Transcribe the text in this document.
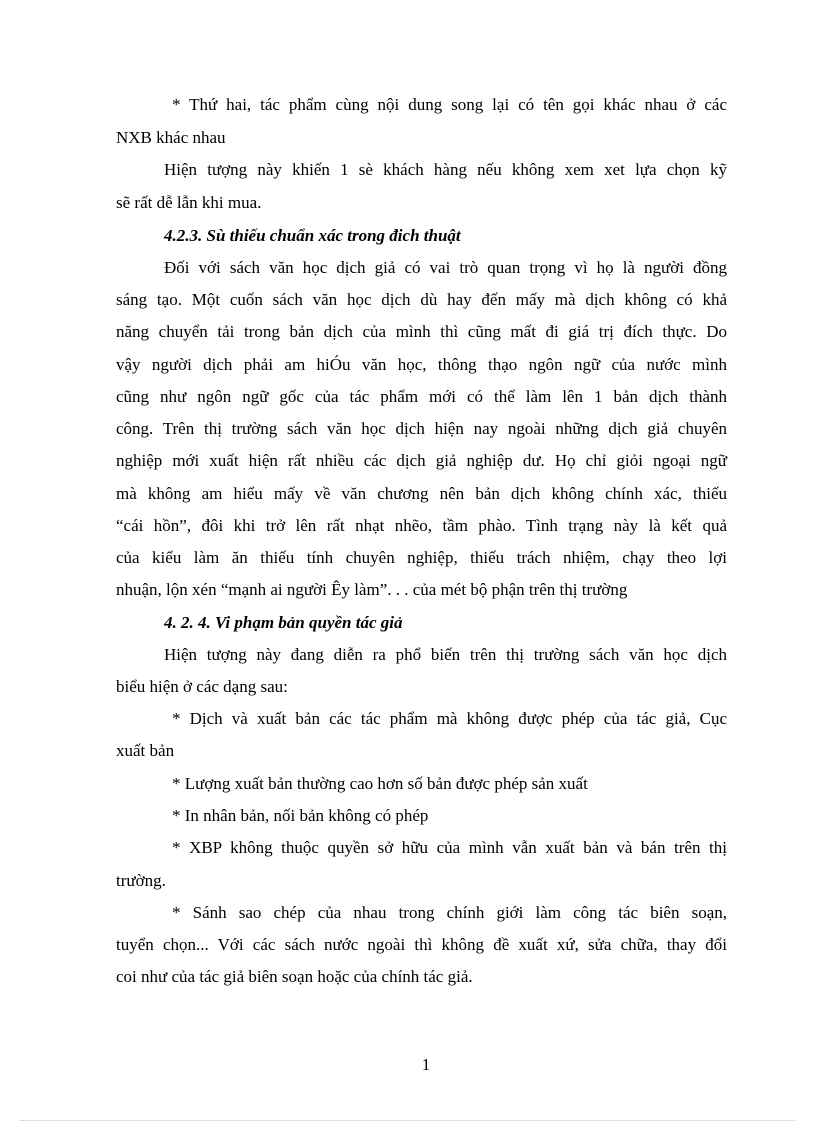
* Thứ hai, tác phẩm cùng nội dung song lại có tên gọi khác nhau ở các
NXB khác nhau
Hiện tượng này khiến 1 sè khách hàng nếu không xem xet lựa chọn kỹ
sẽ rất dễ lẫn khi mua.
4.2.3. Sù thiếu chuẩn xác trong đich thuật
Đối với sách văn học dịch giả có vai trò quan trọng vì họ là người đồng
sáng tạo. Một cuốn sách văn học dịch dù hay đến mấy mà dịch không có khả
năng chuyển tải trong bản dịch của mình thì cũng mất đi giá trị đích thực. Do
vậy người dịch phải am hiÓu văn học, thông thạo ngôn ngữ của nước mình
cũng như ngôn ngữ gốc của tác phẩm mới có thể làm lên 1 bản dịch thành
công. Trên thị trường sách văn học dịch hiện nay ngoài những dịch giả chuyên
nghiệp mới xuất hiện rất nhiều các dịch giả nghiệp dư. Họ chỉ giỏi ngoại ngữ
mà không am hiểu mấy về văn chương nên bản dịch không chính xác, thiếu
“cái hồn”, đôi khi trở lên rất nhạt nhẽo, tầm phào. Tình trạng này là kết quả
của kiểu làm ăn thiếu tính chuyên nghiệp, thiếu trách nhiệm, chạy theo lợi
nhuận, lộn xén “mạnh ai người Êy làm”. . . của mét bộ phận trên thị trường
4. 2. 4. Vi phạm bản quyền tác giả
Hiện tượng này đang diễn ra phổ biến trên thị trường sách văn học dịch
biểu hiện ở các dạng sau:
* Dịch và xuất bản các tác phẩm mà không được phép của tác giả, Cục
xuất bản
* Lượng xuất bản thường cao hơn số bản được phép sản xuất
* In nhân bản, nối bản không có phép
* XBP không thuộc quyền sở hữu của mình vẫn xuất bản và bán trên thị
trường.
* Sánh sao chép của nhau trong chính giới làm công tác biên soạn,
tuyển chọn... Với các sách nước ngoài thì không đề xuất xứ, sửa chữa, thay đổi
coi như của tác giả biên soạn hoặc của chính tác giả.
1
